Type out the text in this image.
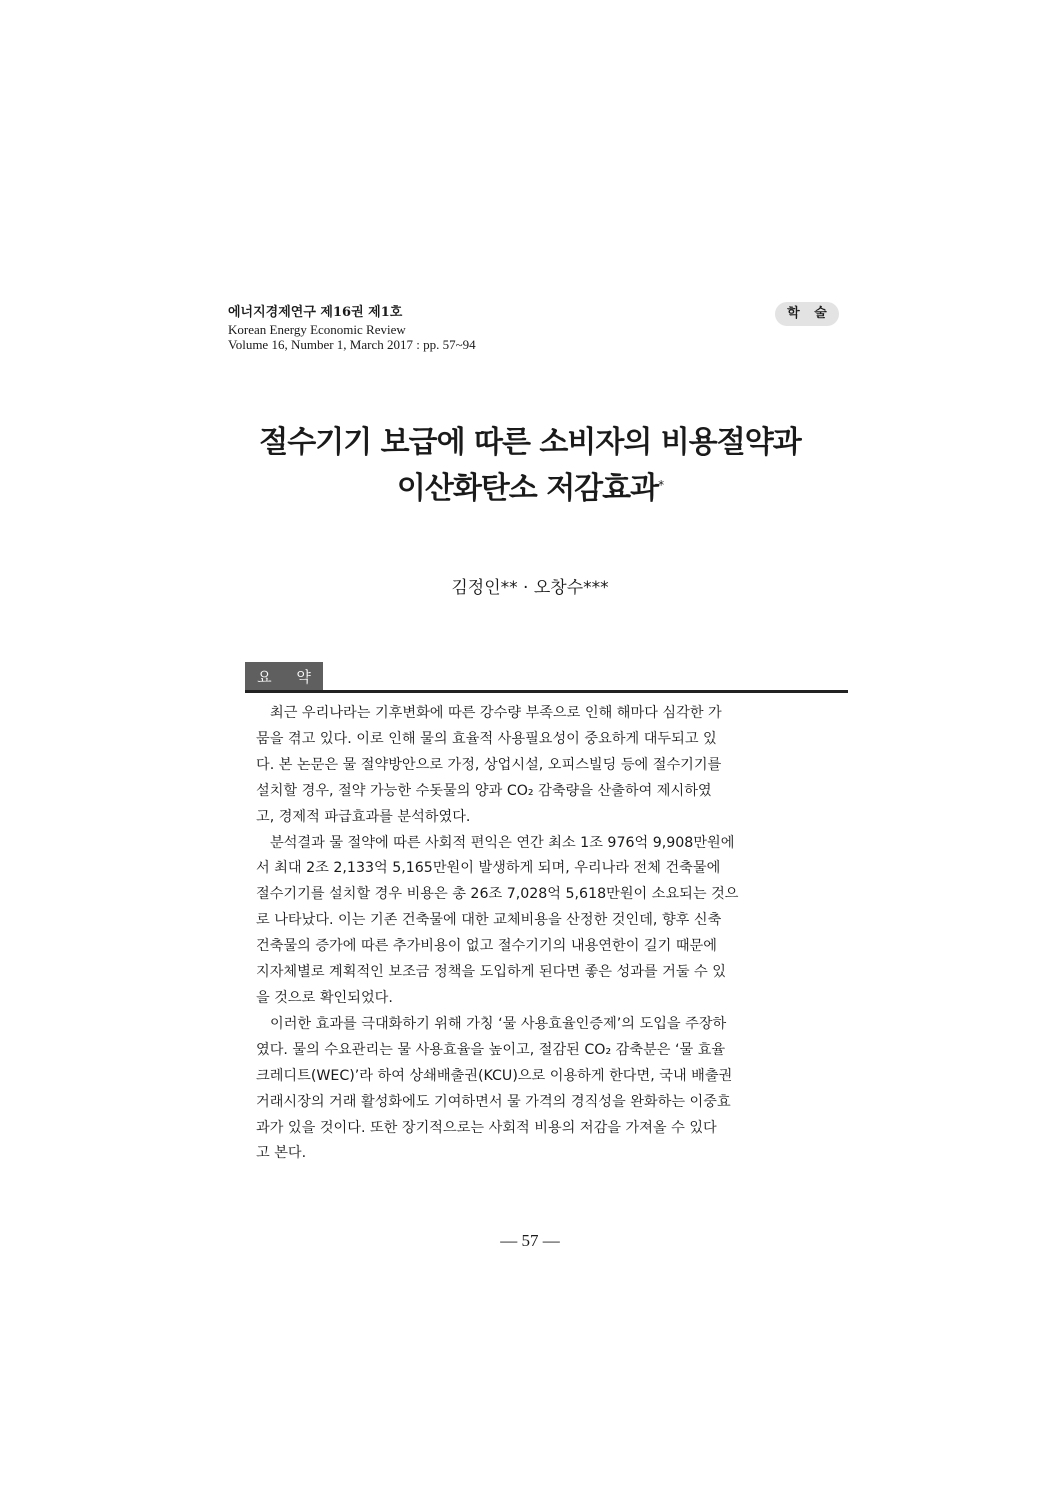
에너지경제연구 제16권 제1호
Korean Energy Economic Review
Volume 16, Number 1, March 2017 : pp. 57~94
학 술
절수기기 보급에 따른 소비자의 비용절약과
이산화탄소 저감효과*
김정인** · 오창수***
요 약

최근 우리나라는 기후변화에 따른 강수량 부족으로 인해 해마다 심각한 가
뭄을 겪고 있다. 이로 인해 물의 효율적 사용필요성이 중요하게 대두되고 있
다. 본 논문은 물 절약방안으로 가정, 상업시설, 오피스빌딩 등에 절수기기를
설치할 경우, 절약 가능한 수돗물의 양과 CO₂ 감축량을 산출하여 제시하였
고, 경제적 파급효과를 분석하였다.

분석결과 물 절약에 따른 사회적 편익은 연간 최소 1조 976억 9,908만원에
서 최대 2조 2,133억 5,165만원이 발생하게 되며, 우리나라 전체 건축물에
절수기기를 설치할 경우 비용은 총 26조 7,028억 5,618만원이 소요되는 것으
로 나타났다. 이는 기존 건축물에 대한 교체비용을 산정한 것인데, 향후 신축
건축물의 증가에 따른 추가비용이 없고 절수기기의 내용연한이 길기 때문에
지자체별로 계획적인 보조금 정책을 도입하게 된다면 좋은 성과를 거둘 수 있
을 것으로 확인되었다.

이러한 효과를 극대화하기 위해 가칭 ‘물 사용효율인증제’의 도입을 주장하
였다. 물의 수요관리는 물 사용효율을 높이고, 절감된 CO₂ 감축분은 ‘물 효율
크레디트(WEC)’라 하여 상쇄배출권(KCU)으로 이용하게 한다면, 국내 배출권
거래시장의 거래 활성화에도 기여하면서 물 가격의 경직성을 완화하는 이중효
과가 있을 것이다. 또한 장기적으로는 사회적 비용의 저감을 가져올 수 있다
고 본다.

― 57 ―
